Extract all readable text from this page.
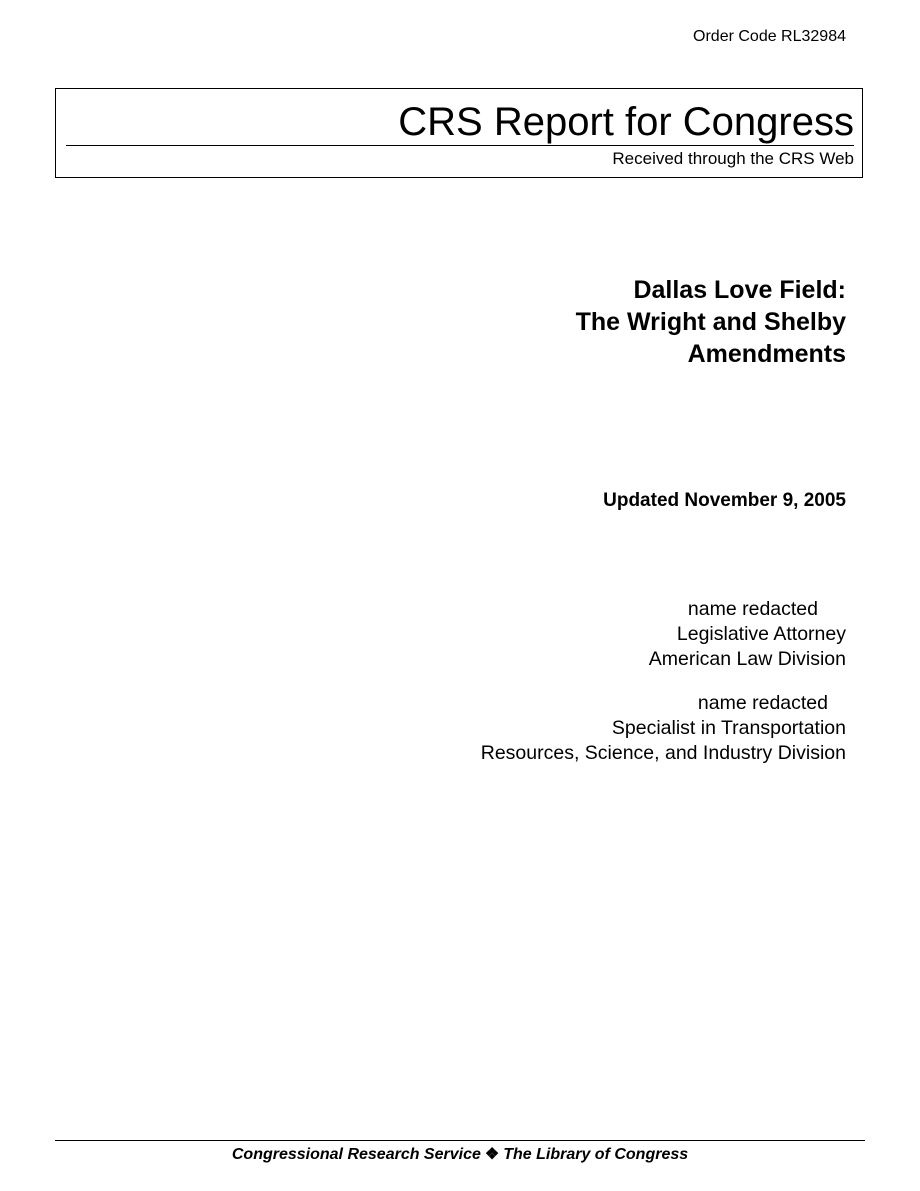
Order Code RL32984
CRS Report for Congress
Received through the CRS Web
Dallas Love Field:
The Wright and Shelby
Amendments
Updated November 9, 2005
name redacted
Legislative Attorney
American Law Division
name redacted
Specialist in Transportation
Resources, Science, and Industry Division
Congressional Research Service ❖ The Library of Congress
